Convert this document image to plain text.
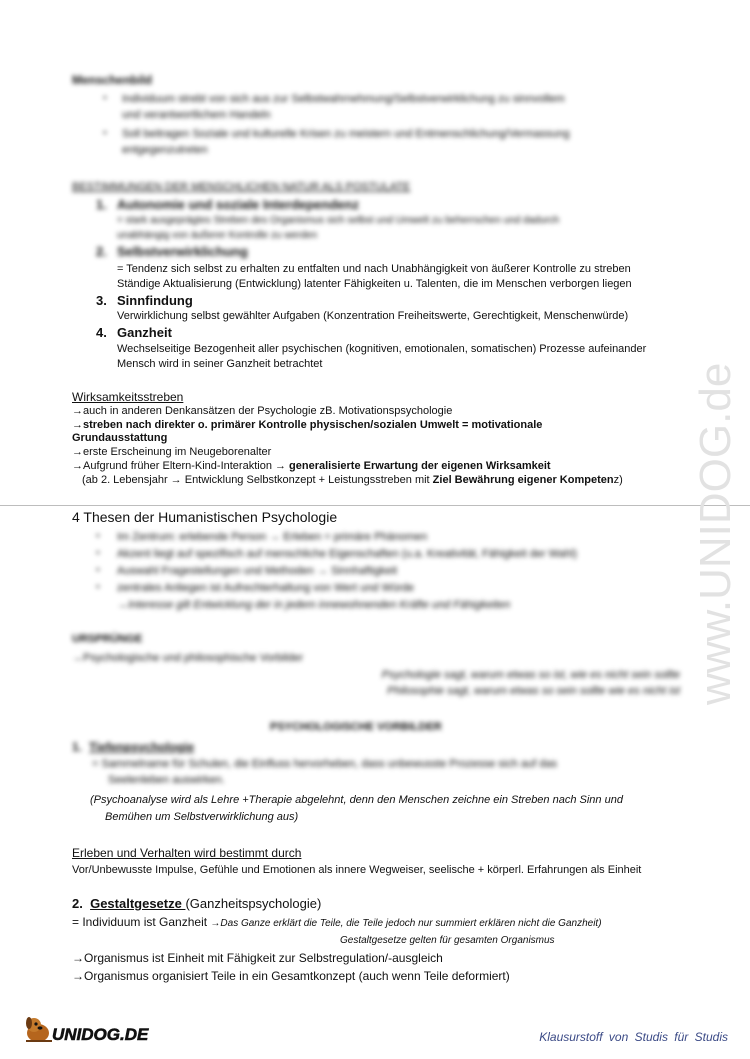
Menschenbild
• Individuum strebt von sich aus zur Selbstwahrnehmung/Selbstverwirklichung zu sinnvollem
und verantwortlichem Handeln
• Soll beitragen Soziale und kulturelle Krisen zu meistern und Entmenschlichung/Vermassung
entgegenzutreten
BESTIMMUNGEN DER MENSCHLICHEN NATUR ALS POSTULATE
1. Autonomie und soziale Interdependenz
= stark ausgeprägtes Streben des Organismus sich selbst und Umwelt zu beherrschen und dadurch
unabhängig von äußerer Kontrolle zu werden
2. Selbstverwirklichung
= Tendenz sich selbst zu erhalten zu entfalten und nach Unabhängigkeit von äußerer Kontrolle zu streben
Ständige Aktualisierung (Entwicklung) latenter Fähigkeiten u. Talenten, die im Menschen verborgen liegen
3. Sinnfindung
Verwirklichung selbst gewählter Aufgaben (Konzentration Freiheitswerte, Gerechtigkeit, Menschenwürde)
4. Ganzheit
Wechselseitige Bezogenheit aller psychischen (kognitiven, emotionalen, somatischen) Prozesse aufeinander
Mensch wird in seiner Ganzheit betrachtet
Wirksamkeitsstreben
→auch in anderen Denkansätzen der Psychologie zB. Motivationspsychologie
→streben nach direkter o. primärer Kontrolle physischen/sozialen Umwelt = motivationale
Grundausstattung
→erste Erscheinung im Neugeborenalter
→Aufgrund früher Eltern-Kind-Interaktion → generalisierte Erwartung der eigenen Wirksamkeit
(ab 2. Lebensjahr → Entwicklung Selbstkonzept + Leistungsstreben mit Ziel Bewährung eigener Kompetenz)
4 Thesen der Humanistischen Psychologie
• Im Zentrum: erlebende Person → Erleben = primäre Phänomen
• Akzent liegt auf spezifisch auf menschliche Eigenschaften (u.a. Kreativität, Fähigkeit der Wahl)
• Auswahl Fragestellungen und Methoden → Sinnhaftigkeit
• zentrales Anliegen ist Aufrechterhaltung von Wert und Würde
→Interesse gilt Entwicklung der in jedem innewohnenden Kräfte und Fähigkeiten
URSPRÜNGE
→Psychologische und philosophische Vorbilder
Psychologie sagt, warum etwas so ist, wie es nicht sein sollte
Philosophie sagt, warum etwas so sein sollte wie es nicht ist
PSYCHOLOGISCHE VORBILDER
1. Tiefenpsychologie
= Sammelname für Schulen, die Einfluss hervorheben, dass unbewusste Prozesse sich auf das
Seelenleben auswirken.
(Psychoanalyse wird als Lehre +Therapie abgelehnt, denn den Menschen zeichne ein Streben nach Sinn und
Bemühen um Selbstverwirklichung aus)
Erleben und Verhalten wird bestimmt durch
Vor/Unbewusste Impulse, Gefühle und Emotionen als innere Wegweiser, seelische + körperl. Erfahrungen als Einheit
2. Gestaltgesetze (Ganzheitspsychologie)
= Individuum ist Ganzheit →Das Ganze erklärt die Teile, die Teile jedoch nur summiert erklären nicht die Ganzheit)
Gestaltgesetze gelten für gesamten Organismus
→Organismus ist Einheit mit Fähigkeit zur Selbstregulation/-ausgleich
→Organismus organisiert Teile in ein Gesamtkonzept (auch wenn Teile deformiert)
www.UNIDOG.de
UNIDOG.DE	Klausurstoff von Studis für Studis
